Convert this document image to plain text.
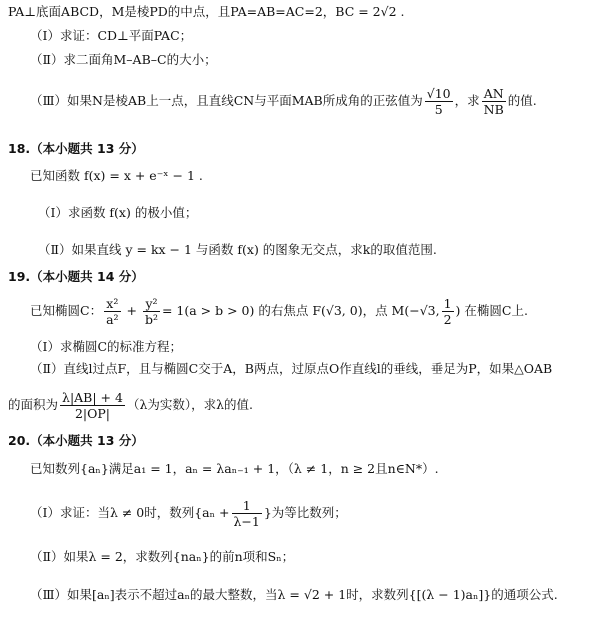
PA⊥底面ABCD，M是棱PD的中点，且PA=AB=AC=2，BC = 2√2 .
（Ⅰ）求证：CD⊥平面PAC；
（Ⅱ）求二面角M–AB–C的大小；
（Ⅲ）如果N是棱AB上一点，且直线CN与平面MAB所成角的正弦值为 $\frac{√10}{5}$ ，求 $\frac{AN}{NB}$ 的值.
18.（本小题共 13 分）
已知函数 f(x) = x + e⁻ˣ − 1 .
（Ⅰ）求函数 f(x) 的极小值；
（Ⅱ）如果直线 y = kx − 1 与函数 f(x) 的图象无交点，求k的取值范围.
19.（本小题共 14 分）
已知椭圆C： $\frac{\text{x²}}{\text{a²}} + \frac{\text{y²}}{\text{b²}} = 1(a > b > 0)$ 的右焦点 F(√3, 0)，点 M(−√3, $\frac{1}{2}$ ) 在椭圆C上.
（Ⅰ）求椭圆C的标准方程；
（Ⅱ）直线l过点F，且与椭圆C交于A，B两点，过原点O作直线l的垂线，垂足为P，如果△OAB
的面积为 $\frac{\lambda|AB| + 4}{2|OP|} (\lambda$为实数），求λ的值.
20.（本小题共 13 分）
已知数列{aₙ}满足a₁ = 1，aₙ = λaₙ₋₁ + 1，（λ ≠ 1，n ≥ 2且n∈N*）.
（Ⅰ）求证：当λ ≠ 0时，数列{$a_n + \frac{1}{\lambda-1}$ }为等比数列；
（Ⅱ）如果λ = 2，求数列{naₙ}的前n项和Sₙ；
（Ⅲ）如果[aₙ]表示不超过aₙ的最大整数，当λ = √2 + 1时，求数列{[(λ − 1)aₙ]}的通项公式.
